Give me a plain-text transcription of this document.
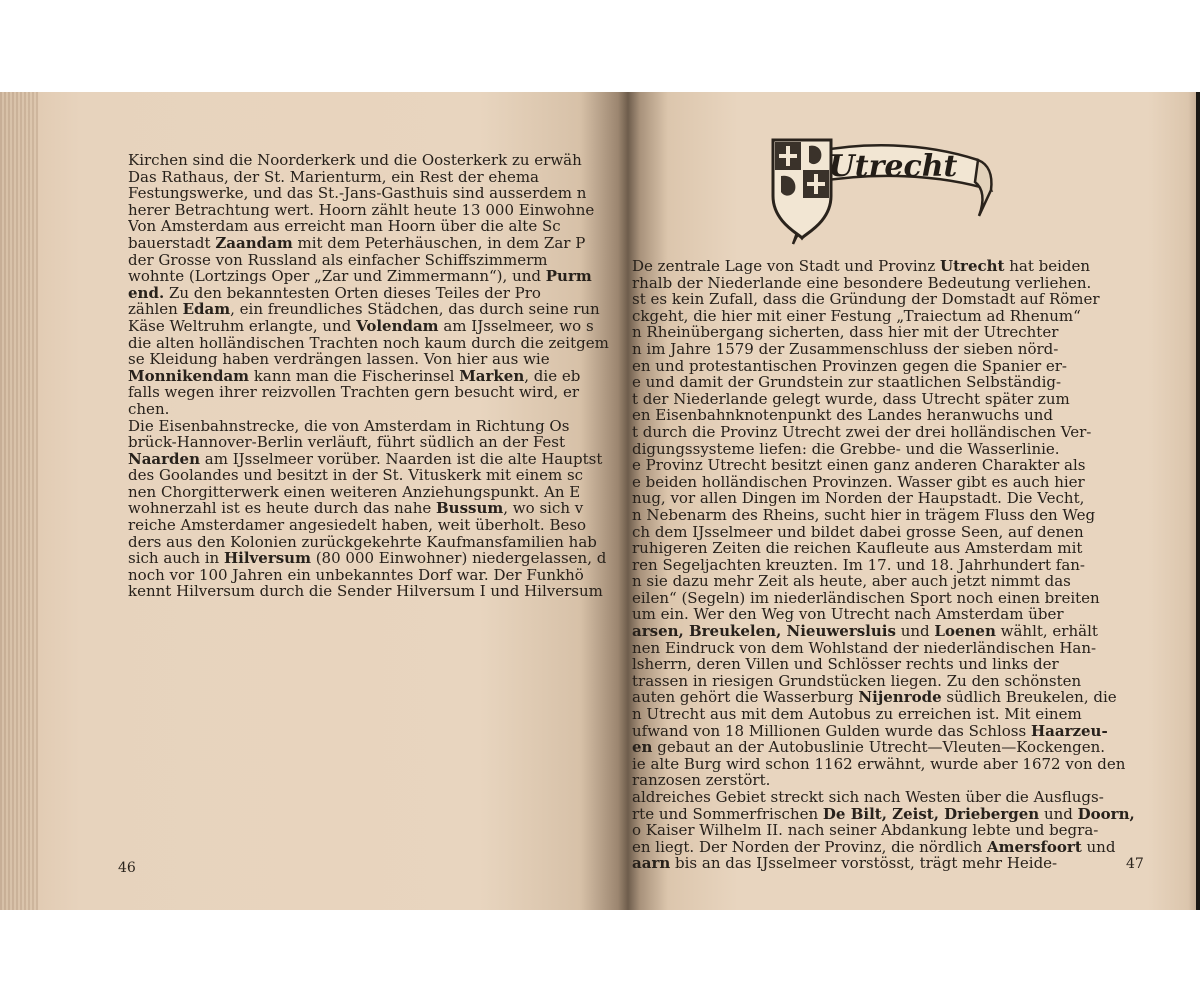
Kirchen sind die Noorderkerk und die Oosterkerk zu erwäh
Das Rathaus, der St. Marienturm, ein Rest der ehema
Festungswerke, und das St.-Jans-Gasthuis sind ausserdem n
herer Betrachtung wert. Hoorn zählt heute 13 000 Einwohne
Von Amsterdam aus erreicht man Hoorn über die alte Sc
bauerstadt Zaandam mit dem Peterhäuschen, in dem Zar P
der Grosse von Russland als einfacher Schiffszimmerm
wohnte (Lortzings Oper „Zar und Zimmermann“), und Purm
end. Zu den bekanntesten Orten dieses Teiles der Pro
zählen Edam, ein freundliches Städchen, das durch seine run
Käse Weltruhm erlangte, und Volendam am IJsselmeer, wo s
die alten holländischen Trachten noch kaum durch die zeitgem
se Kleidung haben verdrängen lassen. Von hier aus wie
Monnikendam kann man die Fischerinsel Marken, die eb
falls wegen ihrer reizvollen Trachten gern besucht wird, er
chen.
Die Eisenbahnstrecke, die von Amsterdam in Richtung Os
brück-Hannover-Berlin verläuft, führt südlich an der Fest
Naarden am IJsselmeer vorüber. Naarden ist die alte Hauptst
des Goolandes und besitzt in der St. Vituskerk mit einem sc
nen Chorgitterwerk einen weiteren Anziehungspunkt. An E
wohnerzahl ist es heute durch das nahe Bussum, wo sich v
reiche Amsterdamer angesiedelt haben, weit überholt. Beso
ders aus den Kolonien zurückgekehrte Kaufmansfamilien hab
sich auch in Hilversum (80 000 Einwohner) niedergelassen, d
noch vor 100 Jahren ein unbekanntes Dorf war. Der Funkhö
kennt Hilversum durch die Sender Hilversum I und Hilversum
46
Utrecht
De zentrale Lage von Stadt und Provinz Utrecht hat beiden
rhalb der Niederlande eine besondere Bedeutung verliehen.
st es kein Zufall, dass die Gründung der Domstadt auf Römer
ckgeht, die hier mit einer Festung „Traiectum ad Rhenum“
n Rheinübergang sicherten, dass hier mit der Utrechter
n im Jahre 1579 der Zusammenschluss der sieben nörd-
en und protestantischen Provinzen gegen die Spanier er-
e und damit der Grundstein zur staatlichen Selbständig-
t der Niederlande gelegt wurde, dass Utrecht später zum
en Eisenbahnknotenpunkt des Landes heranwuchs und
t durch die Provinz Utrecht zwei der drei holländischen Ver-
digungssysteme liefen: die Grebbe- und die Wasserlinie.
e Provinz Utrecht besitzt einen ganz anderen Charakter als
e beiden holländischen Provinzen. Wasser gibt es auch hier
nug, vor allen Dingen im Norden der Haupstadt. Die Vecht,
n Nebenarm des Rheins, sucht hier in trägem Fluss den Weg
ch dem IJsselmeer und bildet dabei grosse Seen, auf denen
ruhigeren Zeiten die reichen Kaufleute aus Amsterdam mit
ren Segeljachten kreuzten. Im 17. und 18. Jahrhundert fan-
n sie dazu mehr Zeit als heute, aber auch jetzt nimmt das
eilen“ (Segeln) im niederländischen Sport noch einen breiten
um ein. Wer den Weg von Utrecht nach Amsterdam über
arsen, Breukelen, Nieuwersluis und Loenen wählt, erhält
nen Eindruck von dem Wohlstand der niederländischen Han-
lsherrn, deren Villen und Schlösser rechts und links der
trassen in riesigen Grundstücken liegen. Zu den schönsten
auten gehört die Wasserburg Nijenrode südlich Breukelen, die
n Utrecht aus mit dem Autobus zu erreichen ist. Mit einem
ufwand von 18 Millionen Gulden wurde das Schloss Haarzeu-
en gebaut an der Autobuslinie Utrecht—Vleuten—Kockengen.
ie alte Burg wird schon 1162 erwähnt, wurde aber 1672 von den
ranzosen zerstört.
aldreiches Gebiet streckt sich nach Westen über die Ausflugs-
rte und Sommerfrischen De Bilt, Zeist, Driebergen und Doorn,
o Kaiser Wilhelm II. nach seiner Abdankung lebte und begra-
en liegt. Der Norden der Provinz, die nördlich Amersfoort und
aarn bis an das IJsselmeer vorstösst, trägt mehr Heide-	47
